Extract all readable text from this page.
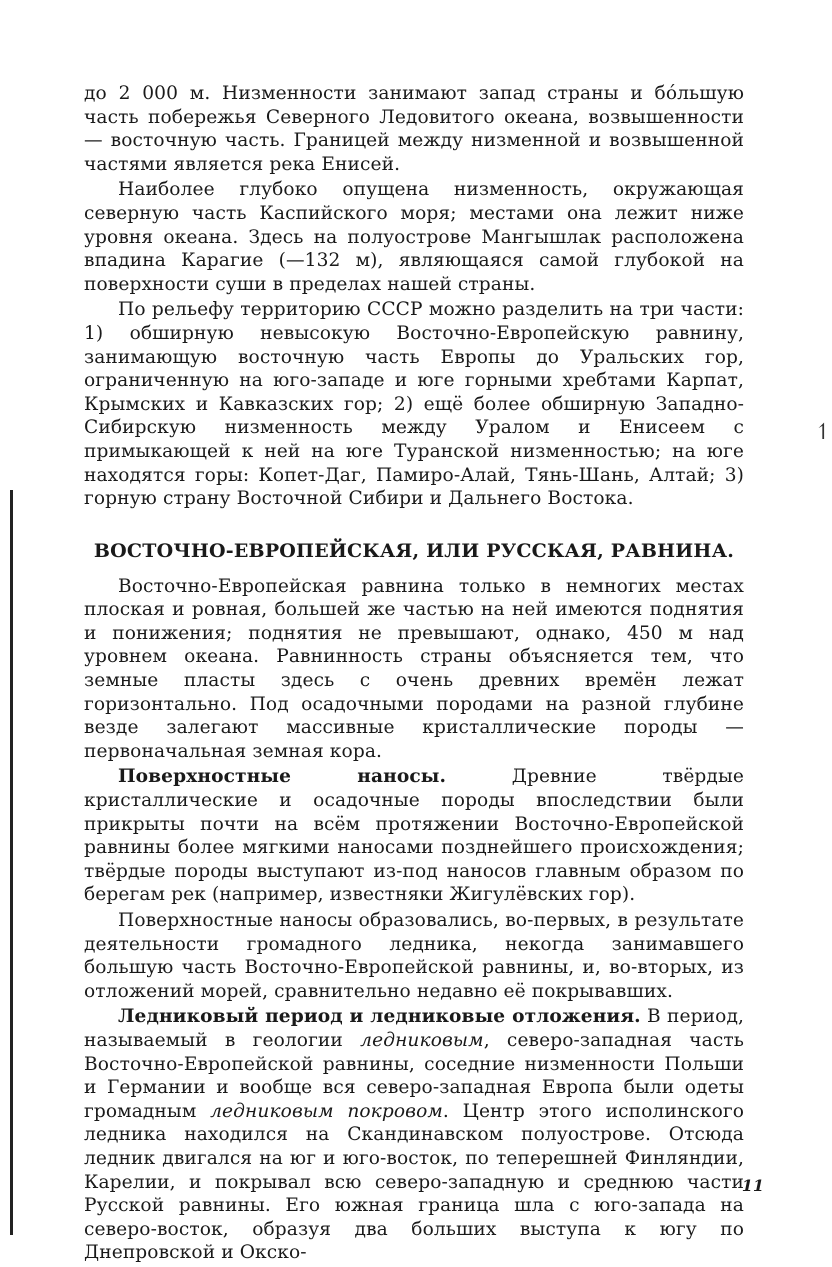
↿

до 2 000 м. Низменности занимают запад страны и бо́льшую часть побережья Северного Ледовитого океана, возвышенности — восточную часть. Границей между низменной и возвышенной частями является река Енисей.

Наиболее глубоко опущена низменность, окружающая северную часть Каспийского моря; местами она лежит ниже уровня океана. Здесь на полуострове Мангышлак расположена впадина Карагие (—132 м), являющаяся самой глубокой на поверхности суши в пределах нашей страны.

По рельефу территорию СССР можно разделить на три части: 1) обширную невысокую Восточно-Европейскую равнину, занимающую восточную часть Европы до Уральских гор, ограниченную на юго-западе и юге горными хребтами Карпат, Крымских и Кавказских гор; 2) ещё более обширную Западно-Сибирскую низменность между Уралом и Енисеем с примыкающей к ней на юге Туранской низменностью; на юге находятся горы: Копет-Даг, Памиро-Алай, Тянь-Шань, Алтай; 3) горную страну Восточной Сибири и Дальнего Востока.

ВОСТОЧНО-ЕВРОПЕЙСКАЯ, ИЛИ РУССКАЯ, РАВНИНА.

Восточно-Европейская равнина только в немногих местах плоская и ровная, большей же частью на ней имеются поднятия и понижения; поднятия не превышают, однако, 450 м над уровнем океана. Равнинность страны объясняется тем, что земные пласты здесь с очень древних времён лежат горизонтально. Под осадочными породами на разной глубине везде залегают массивные кристаллические породы — первоначальная земная кора.

Поверхностные наносы. Древние твёрдые кристаллические и осадочные породы впоследствии были прикрыты почти на всём протяжении Восточно-Европейской равнины более мягкими наносами позднейшего происхождения; твёрдые породы выступают из-под наносов главным образом по берегам рек (например, известняки Жигулёвских гор).

Поверхностные наносы образовались, во-первых, в результате деятельности громадного ледника, некогда занимавшего большую часть Восточно-Европейской равнины, и, во-вторых, из отложений морей, сравнительно недавно её покрывавших.

Ледниковый период и ледниковые отложения. В период, называемый в геологии ледниковым, северо-западная часть Восточно-Европейской равнины, соседние низменности Польши и Германии и вообще вся северо-западная Европа были одеты громадным ледниковым покровом. Центр этого исполинского ледника находился на Скандинавском полуострове. Отсюда ледник двигался на юг и юго-восток, по теперешней Финляндии, Карелии, и покрывал всю северо-западную и среднюю части Русской равнины. Его южная граница шла с юго-запада на северо-восток, образуя два больших выступа к югу по Днепровской и Окско-

11
